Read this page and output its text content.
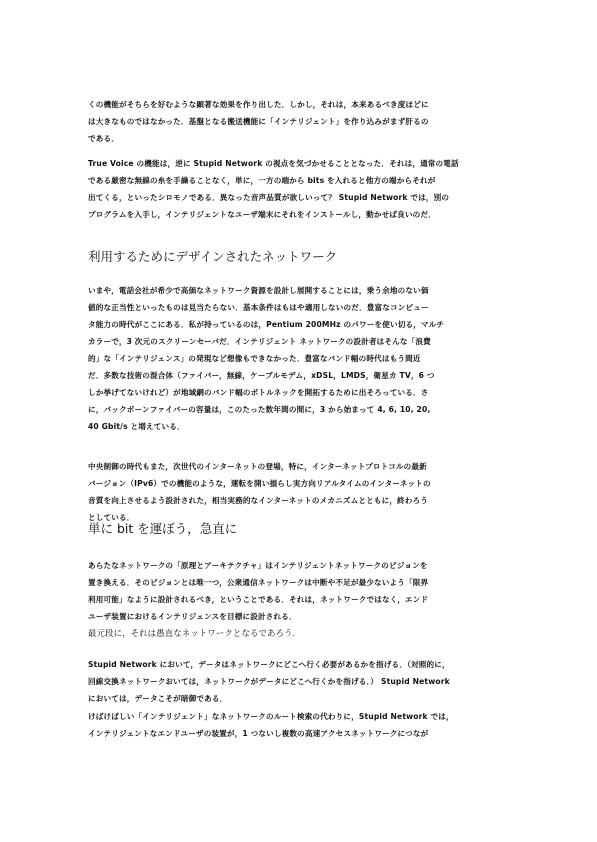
くの機能がそちらを好むような顕著な効果を作り出した．しかし，それは，本来あるべき度ほどに
は大きなものではなかった．基盤となる搬送機能に「インテリジェント」を作り込みがまず肝るの
である．

True Voice の機能は，逆に Stupid Network の視点を気づかせることとなった．それは，通常の電話
である厳密な無線の糸を手繰ることなく，単に，一方の端から bits を入れると他方の端からそれが
出てくる，といったシロモノである．異なった音声品質が欲しいって？ Stupid Network では，別の
プログラムを入手し，インテリジェントなユーザ端末にそれをインストールし，動かせば良いのだ．

利用するためにデザインされたネットワーク

いまや，電話会社が希少で高価なネットワーク資源を設計し展開することには，乗う余地のない価
値的な正当性といったものは見当たらない．基本条件はもはや適用しないのだ．豊富なコンピュー
タ能力の時代がここにある．私が持っているのは，Pentium 200MHz のパワーを使い切る，マルチ
カラーで，3 次元のスクリーンセーバだ．インテリジェント ネットワークの設計者はそんな「浪費
的」な「インテリジェンス」の発現など想像もできなかった．豊富なバンド幅の時代はもう間近
だ．多数な技術の混合体（ファイバー，無線，ケーブルモデム，xDSL，LMDS，衛星カ TV，6 つ
しか挙げてないけれど）が地域網のバンド幅のボトルネックを開拓するために出そろっている．さ
に，バックボーンファイバーの容量は，このたった数年間の間に，3 から始まって 4, 6, 10, 20,
40 Gbit/s と増えている．

中央制御の時代もまた，次世代のインターネットの登場，特に，インターネットプロトコルの最新
バージョン（IPv6）での機能のような，運転を開い損らし実方向リアルタイムのインターネットの
音質を向上させるよう設計された，相当実務的なインターネットのメカニズムとともに，終わろう
としている．

単に bit を運ぼう，急直に

あらたなネットワークの「原理とアーキテクチャ」はインテリジェントネットワークのビジョンを
置き換える．そのビジョンとは唯一つ，公衆通信ネットワークは中断や不足が最少ないよう「限界
利用可能」なように設計されるべき，ということである．それは，ネットワークではなく，エンド
ユーザ装置におけるインテリジェンスを目標に設計される．

最元段に，それは愚直なネットワークとなるであろう．

Stupid Network において，データはネットワークにどこへ行く必要があるかを指げる．（対照的に，
回線交換ネットワークおいては，ネットワークがデータにどこへ行くかを指げる．） Stupid Network
においては，データこそが暗御である．

けばけばしい「インテリジェント」なネットワークのルート検索の代わりに，Stupid Network では，
インテリジェントなエンドユーザの装置が，1 つないし複数の高速アクセスネットワークにつなが
